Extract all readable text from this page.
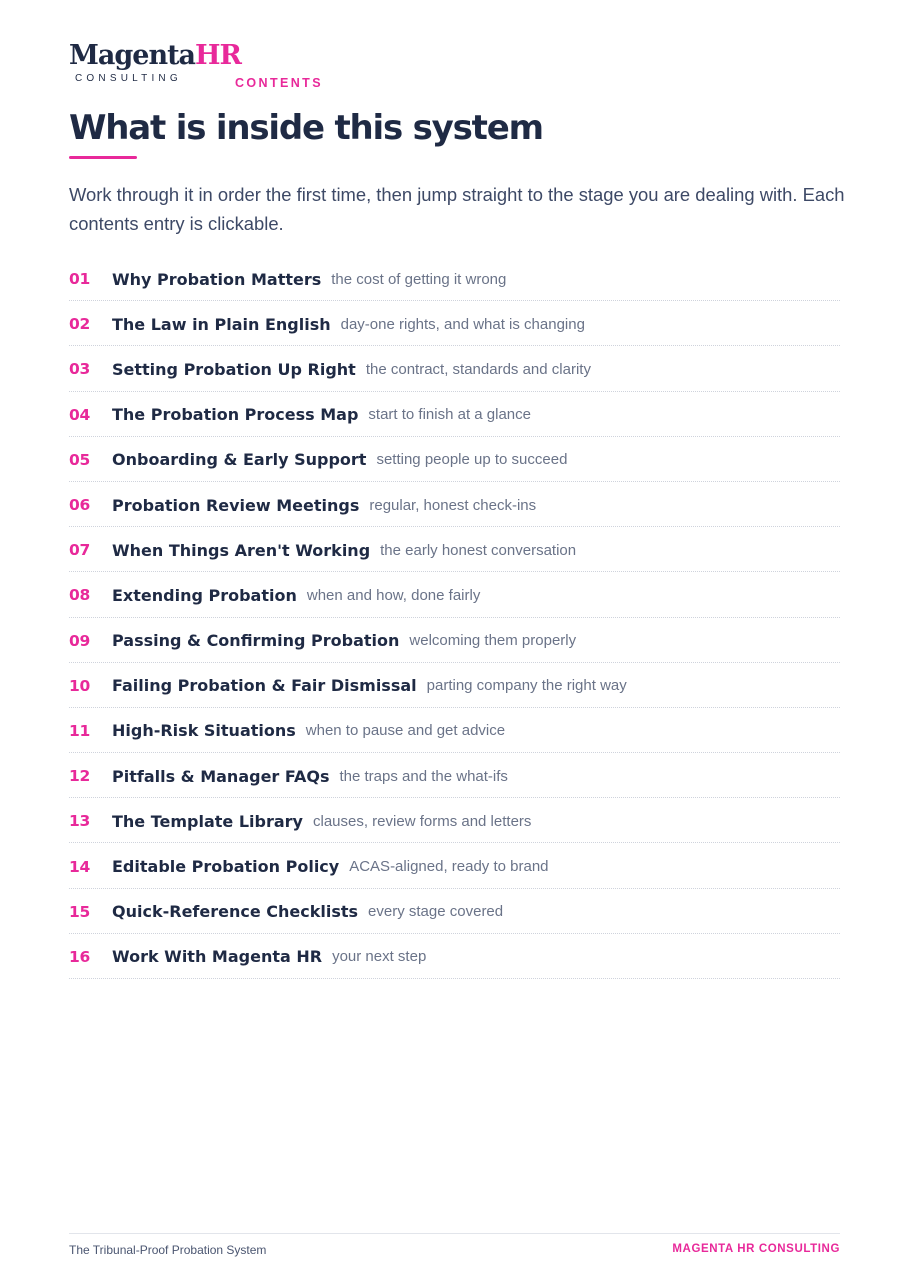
MagentaHR
CONSULTING	CONTENTS
What is inside this system

Work through it in order the first time, then jump straight to the stage you are dealing with. Each contents entry is clickable.

01	Why Probation Matters the cost of getting it wrong
02	The Law in Plain English day-one rights, and what is changing
03	Setting Probation Up Right the contract, standards and clarity
04	The Probation Process Map start to finish at a glance
05	Onboarding & Early Support setting people up to succeed
06	Probation Review Meetings regular, honest check-ins
07	When Things Aren't Working the early honest conversation
08	Extending Probation when and how, done fairly
09	Passing & Confirming Probation welcoming them properly
10	Failing Probation & Fair Dismissal parting company the right way
11	High-Risk Situations when to pause and get advice
12	Pitfalls & Manager FAQs the traps and the what-ifs
13	The Template Library clauses, review forms and letters
14	Editable Probation Policy ACAS-aligned, ready to brand
15	Quick-Reference Checklists every stage covered
16	Work With Magenta HR your next step
The Tribunal-Proof Probation System	MAGENTA HR CONSULTING
